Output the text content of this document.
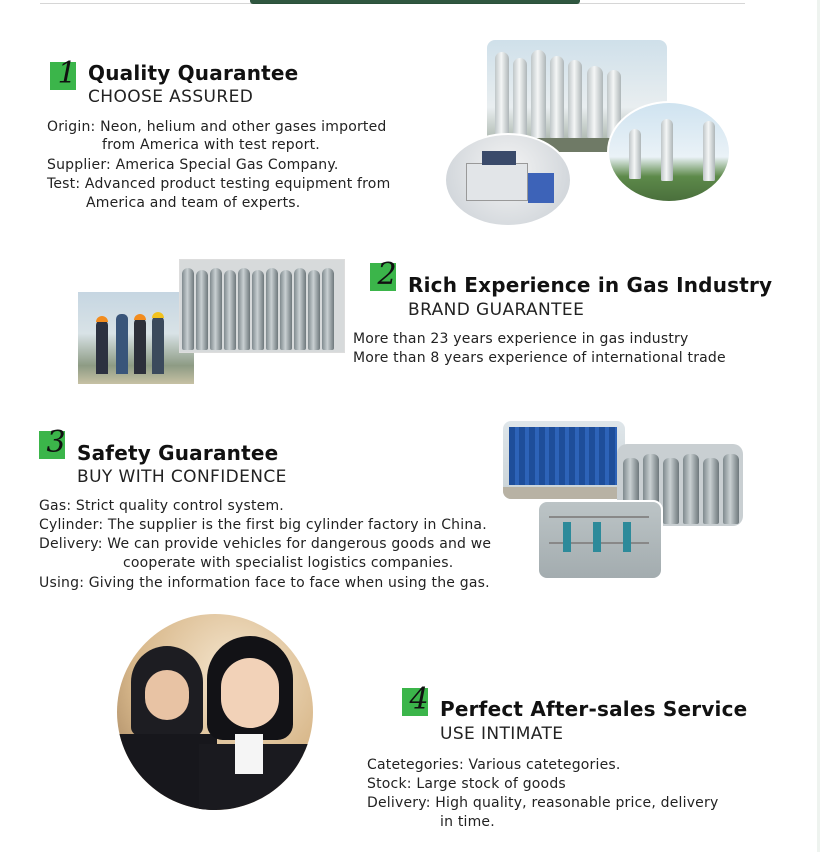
1 Quality Quarantee
CHOOSE ASSURED
Origin: Neon, helium and other gases imported
from America with test report.
Supplier: America Special Gas Company.
Test: Advanced product testing equipment from
America and team of experts.
2 Rich Experience in Gas Industry
BRAND GUARANTEE
More than 23 years experience in gas industry
More than 8 years experience of international trade
3 Safety Guarantee
BUY WITH CONFIDENCE
Gas: Strict quality control system.
Cylinder: The supplier is the first big cylinder factory in China.
Delivery: We can provide vehicles for dangerous goods and we
cooperate with specialist logistics companies.
Using: Giving the information face to face when using the gas.
4 Perfect After-sales Service
USE INTIMATE
Catetegories: Various catetegories.
Stock: Large stock of goods
Delivery: High quality, reasonable price, delivery
in time.
